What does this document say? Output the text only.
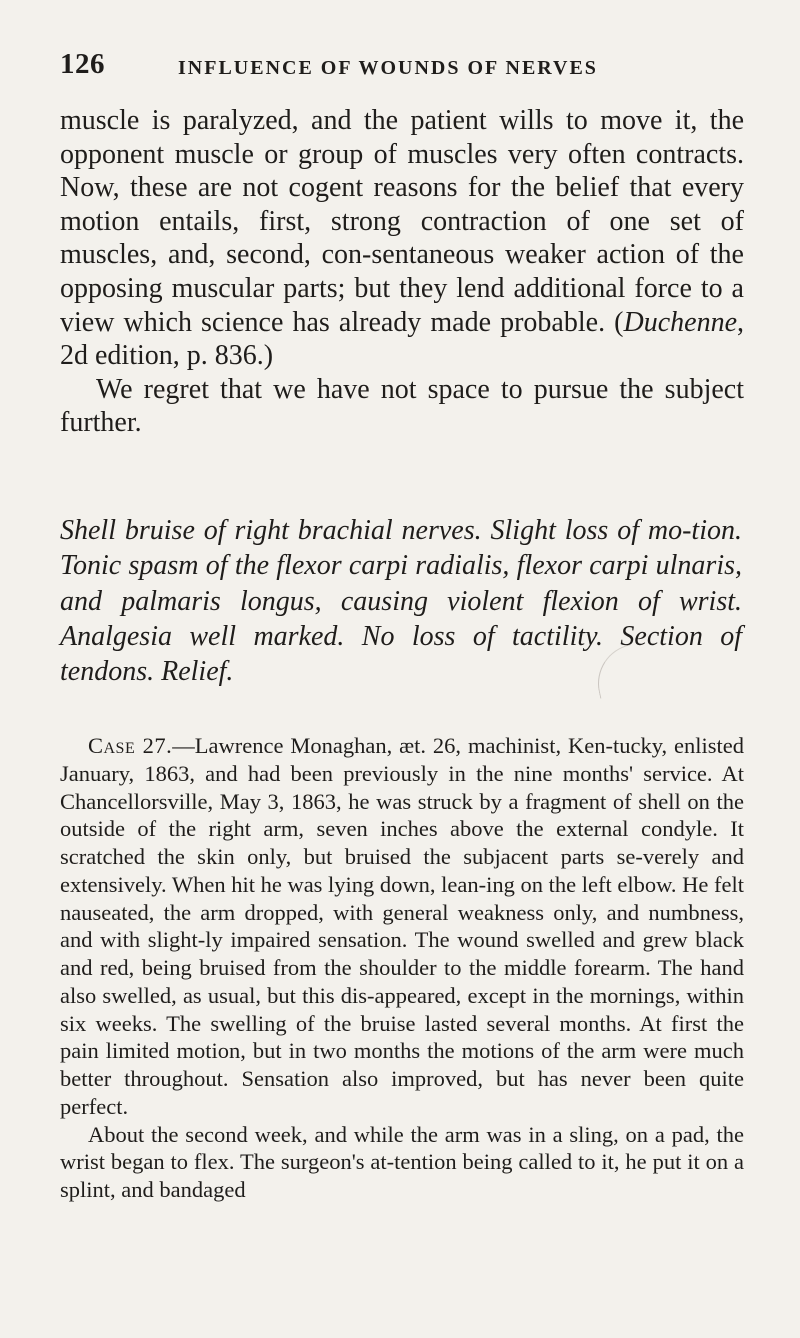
126	INFLUENCE OF WOUNDS OF NERVES

muscle is paralyzed, and the patient wills to move it, the opponent muscle or group of muscles very often contracts. Now, these are not cogent reasons for the belief that every motion entails, first, strong contraction of one set of muscles, and, second, con-sentaneous weaker action of the opposing muscular parts; but they lend additional force to a view which science has already made probable. (Duchenne, 2d edition, p. 836.)

We regret that we have not space to pursue the subject further.

Shell bruise of right brachial nerves. Slight loss of mo-tion. Tonic spasm of the flexor carpi radialis, flexor carpi ulnaris, and palmaris longus, causing violent flexion of wrist. Analgesia well marked. No loss of tactility. Section of tendons. Relief.

Case 27.—Lawrence Monaghan, æt. 26, machinist, Ken-tucky, enlisted January, 1863, and had been previously in the nine months' service. At Chancellorsville, May 3, 1863, he was struck by a fragment of shell on the outside of the right arm, seven inches above the external condyle. It scratched the skin only, but bruised the subjacent parts se-verely and extensively. When hit he was lying down, lean-ing on the left elbow. He felt nauseated, the arm dropped, with general weakness only, and numbness, and with slight-ly impaired sensation. The wound swelled and grew black and red, being bruised from the shoulder to the middle forearm. The hand also swelled, as usual, but this dis-appeared, except in the mornings, within six weeks. The swelling of the bruise lasted several months. At first the pain limited motion, but in two months the motions of the arm were much better throughout. Sensation also improved, but has never been quite perfect.

About the second week, and while the arm was in a sling, on a pad, the wrist began to flex. The surgeon's at-tention being called to it, he put it on a splint, and bandaged
